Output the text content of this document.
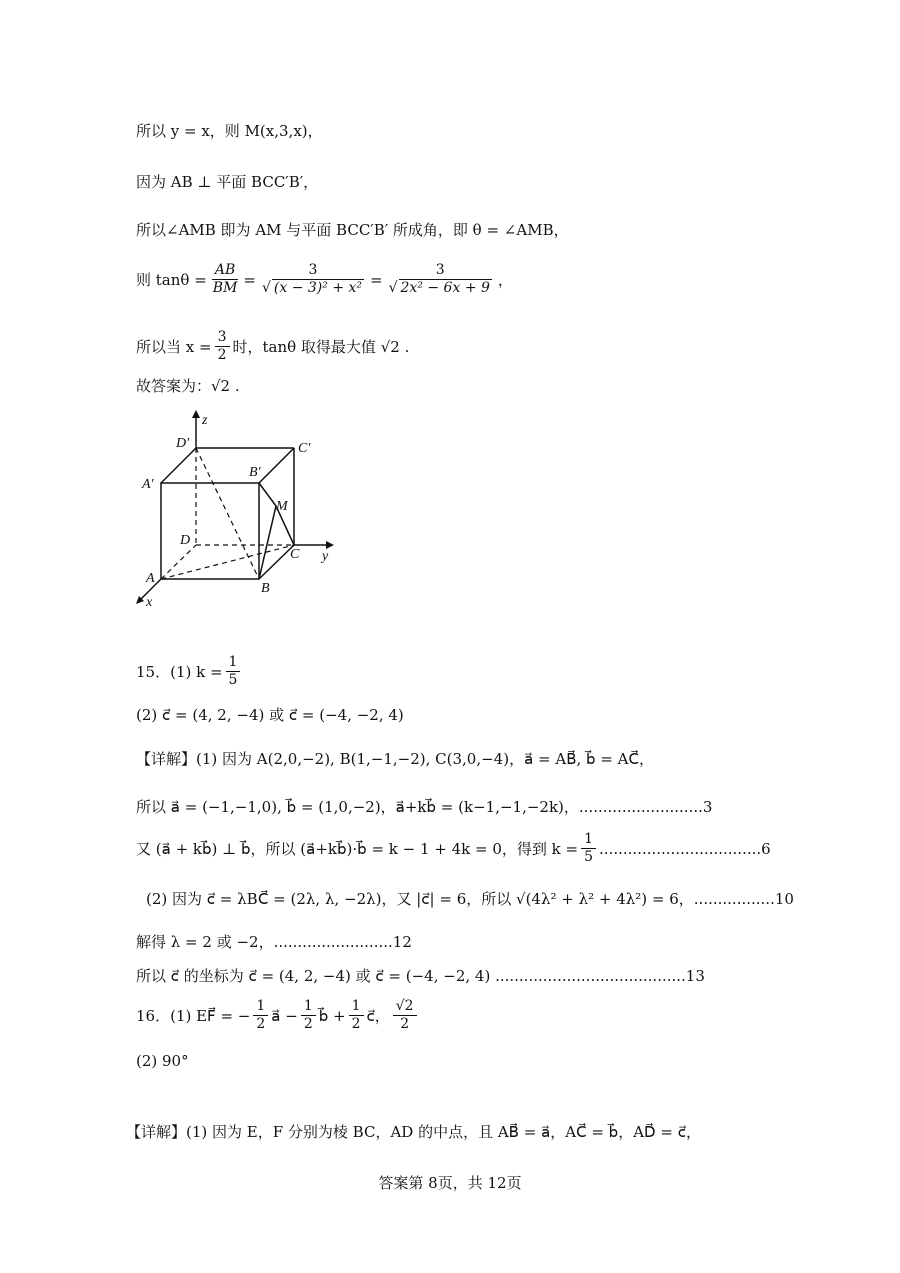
所以 y = x，则 M(x,3,x)，
因为 AB ⊥ 平面 BCC′B′，
所以∠AMB 即为 AM 与平面 BCC′B′ 所成角，即 θ = ∠AMB，
则 $\tan\theta = \frac{AB}{BM} = \frac{3}{\text{√ (x − 3)² + x²}} = \frac{3}{\text{√ 2x² − 6x + 9}}$ ，
所以当 $x = \frac{3}{2}$ 时，tanθ 取得最大值 √2 .
故答案为：√2 .
z
D′	C′
B′
A′
M
D
C y
A
B
x
15．(1) $k = \frac{1}{5}$
(2) c⃗ = (4, 2, −4) 或 c⃗ = (−4, −2, 4)
【详解】(1) 因为 A(2,0,−2), B(1,−1,−2), C(3,0,−4)，a⃗ = AB⃗, b⃗ = AC⃗，
所以 a⃗ = (−1,−1,0), b⃗ = (1,0,−2)，a⃗+kb⃗ = (k−1,−1,−2k)，..........................3
又 (a⃗ + kb⃗) ⊥ b⃗，所以 (a⃗+kb⃗)·b⃗ = k − 1 + 4k = 0，得到 $k = \frac{1}{5} ..................................6$
(2) 因为 c⃗ = λBC⃗ = (2λ, λ, −2λ)，又 |c⃗| = 6，所以 √(4λ² + λ² + 4λ²) = 6，.................10
解得 λ = 2 或 −2，.........................12
所以 c⃗ 的坐标为 c⃗ = (4, 2, −4) 或 c⃗ = (−4, −2, 4) ........................................13
16．(1) EF⃗ = − $\frac{1}{2}$ a⃗ − $\frac{1}{2}$ b⃗ + $\frac{1}{2}$ c⃗， $\frac{√2}{2}$
(2) 90°
【详解】(1) 因为 E，F 分别为棱 BC，AD 的中点，且 AB⃗ = a⃗，AC⃗ = b⃗，AD⃗ = c⃗，
答案第 8页，共 12页
